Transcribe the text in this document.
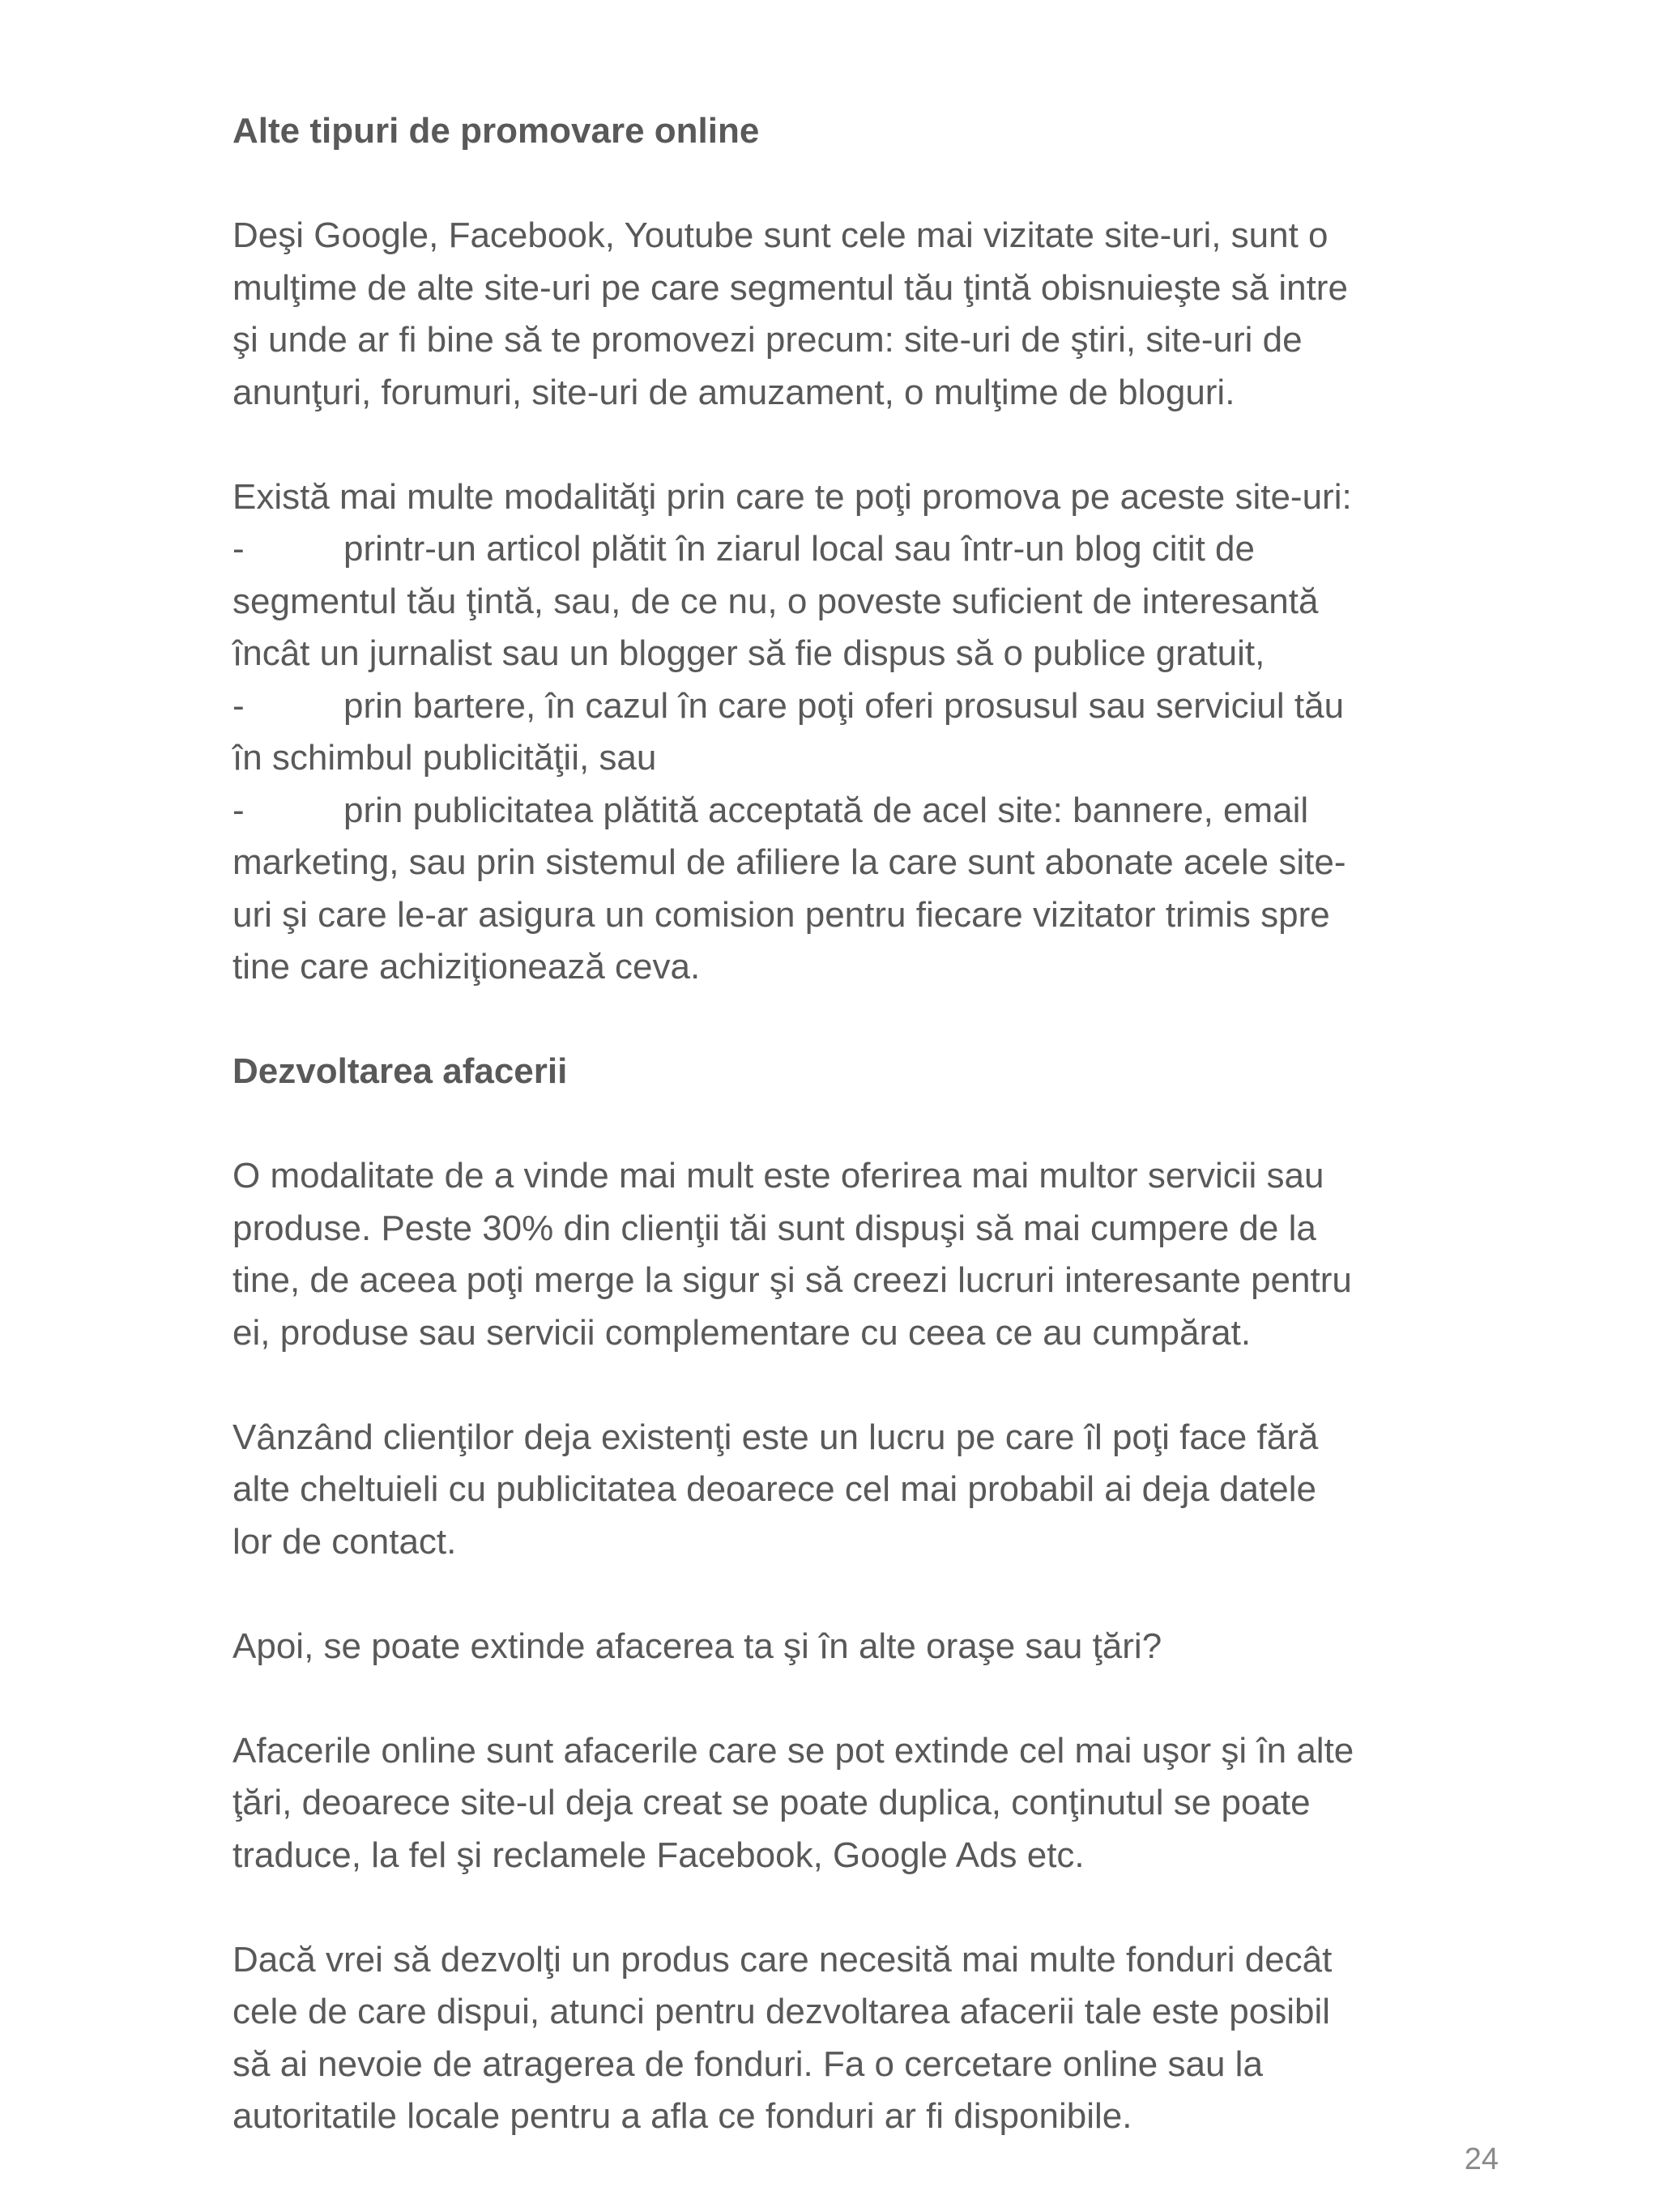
Alte tipuri de promovare online
Deşi Google, Facebook, Youtube sunt cele mai vizitate site-uri, sunt o
mulţime de alte site-uri pe care segmentul tău ţintă obisnuieşte să intre
şi unde ar fi bine să te promovezi precum: site-uri de ştiri, site-uri de
anunţuri, forumuri, site-uri de amuzament, o mulţime de bloguri.
Există mai multe modalităţi prin care te poţi promova pe aceste site-uri:
-	printr-un articol plătit în ziarul local sau într-un blog citit de
segmentul tău ţintă, sau, de ce nu, o poveste suficient de interesantă
încât un jurnalist sau un blogger să fie dispus să o publice gratuit,
-	prin bartere, în cazul în care poţi oferi prosusul sau serviciul tău
în schimbul publicităţii, sau
-	prin publicitatea plătită acceptată de acel site: bannere, email
marketing, sau prin sistemul de afiliere la care sunt abonate acele site-
uri şi care le-ar asigura un comision pentru fiecare vizitator trimis spre
tine care achiziţionează ceva.
Dezvoltarea afacerii
O modalitate de a vinde mai mult este oferirea mai multor servicii sau
produse. Peste 30% din clienţii tăi sunt dispuşi să mai cumpere de la
tine, de aceea poţi merge la sigur şi să creezi lucruri interesante pentru
ei, produse sau servicii complementare cu ceea ce au cumpărat.
Vânzând clienţilor deja existenţi este un lucru pe care îl poţi face fără
alte cheltuieli cu publicitatea deoarece cel mai probabil ai deja datele
lor de contact.
Apoi, se poate extinde afacerea ta şi în alte oraşe sau ţări?
Afacerile online sunt afacerile care se pot extinde cel mai uşor şi în alte
ţări, deoarece site-ul deja creat se poate duplica, conţinutul se poate
traduce, la fel şi reclamele Facebook, Google Ads etc.
Dacă vrei să dezvolţi un produs care necesită mai multe fonduri decât
cele de care dispui, atunci pentru dezvoltarea afacerii tale este posibil
să ai nevoie de atragerea de fonduri. Fa o cercetare online sau la
autoritatile locale pentru a afla ce fonduri ar fi disponibile.
24
